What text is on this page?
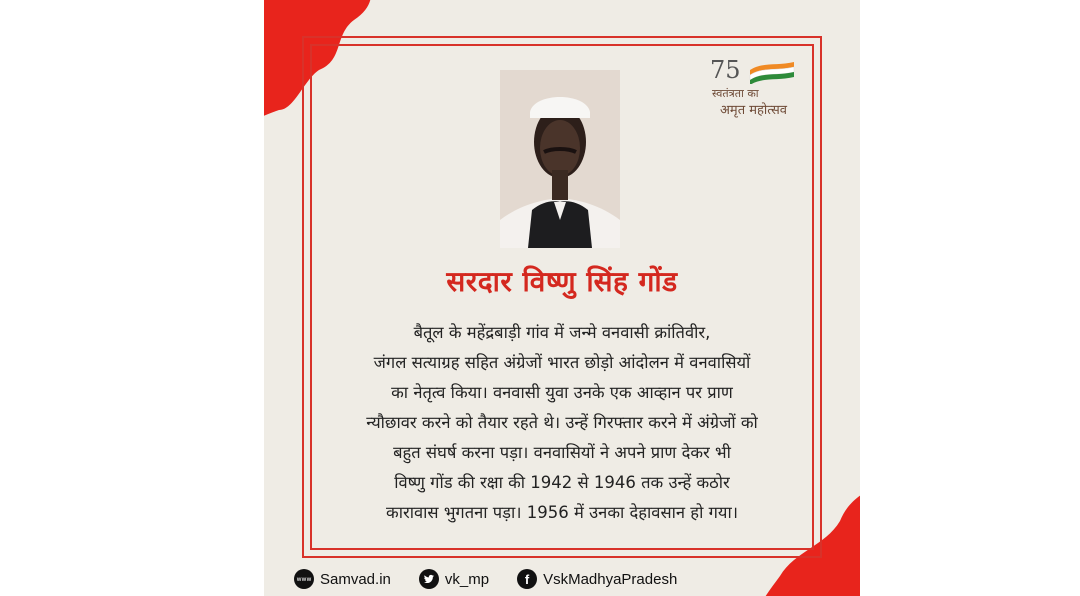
75
स्वतंत्रता का
अमृत महोत्सव
सरदार विष्णु सिंह गोंड
बैतूल के महेंद्रबाड़ी गांव में जन्मे वनवासी क्रांतिवीर,
जंगल सत्याग्रह सहित अंग्रेजों भारत छोड़ो आंदोलन में वनवासियों
का नेतृत्व किया। वनवासी युवा उनके एक आव्हान पर प्राण
न्यौछावर करने को तैयार रहते थे। उन्हें गिरफ्तार करने में अंग्रेजों को
बहुत संघर्ष करना पड़ा। वनवासियों ने अपने प्राण देकर भी
विष्णु गोंड की रक्षा की 1942 से 1946 तक उन्हें कठोर
कारावास भुगतना पड़ा। 1956 में उनका देहावसान हो गया।
www Samvad.in	vk_mp	f VskMadhyaPradesh
